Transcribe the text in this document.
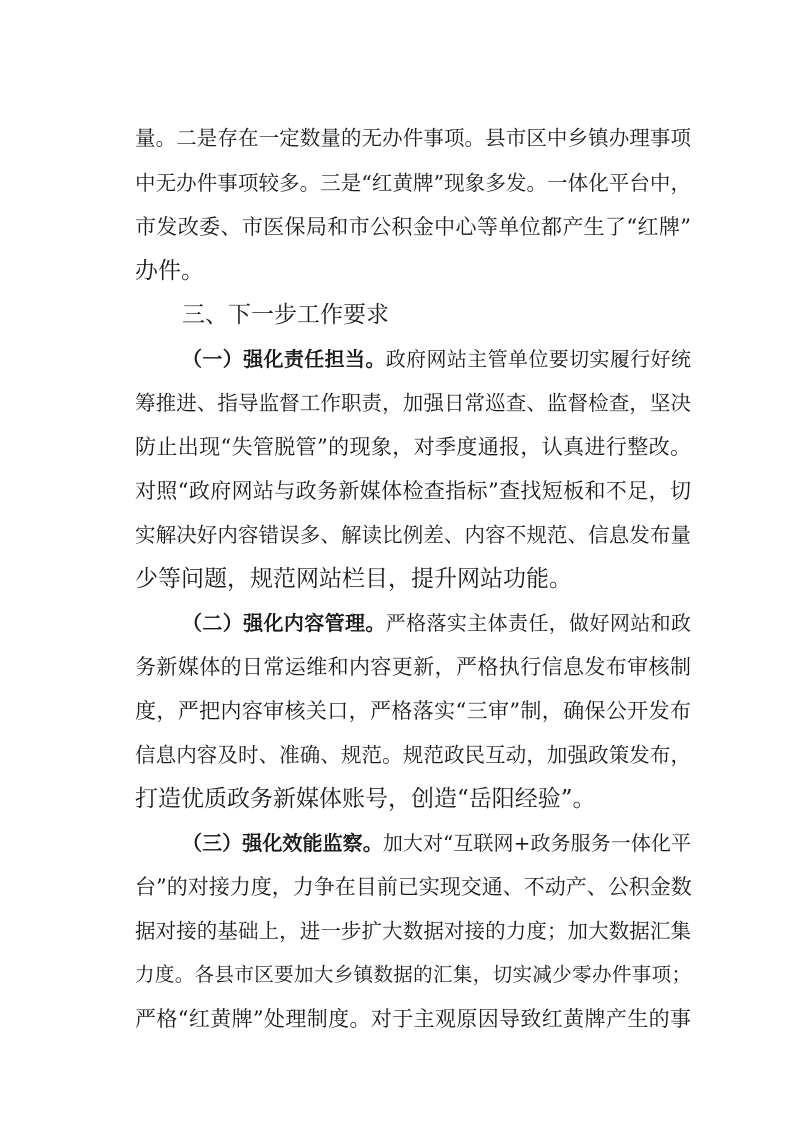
量。二是存在一定数量的无办件事项。县市区中乡镇办理事项
中无办件事项较多。三是“红黄牌”现象多发。一体化平台中，
市发改委、市医保局和市公积金中心等单位都产生了“红牌”
办件。
三、下一步工作要求
（一）强化责任担当。政府网站主管单位要切实履行好统
筹推进、指导监督工作职责，加强日常巡查、监督检查，坚决
防止出现“失管脱管”的现象，对季度通报，认真进行整改。
对照“政府网站与政务新媒体检查指标”查找短板和不足，切
实解决好内容错误多、解读比例差、内容不规范、信息发布量
少等问题，规范网站栏目，提升网站功能。
（二）强化内容管理。严格落实主体责任，做好网站和政
务新媒体的日常运维和内容更新，严格执行信息发布审核制
度，严把内容审核关口，严格落实“三审”制，确保公开发布
信息内容及时、准确、规范。规范政民互动，加强政策发布，
打造优质政务新媒体账号，创造“岳阳经验”。
（三）强化效能监察。加大对“互联网+政务服务一体化平
台”的对接力度，力争在目前已实现交通、不动产、公积金数
据对接的基础上，进一步扩大数据对接的力度；加大数据汇集
力度。各县市区要加大乡镇数据的汇集，切实减少零办件事项；
严格“红黄牌”处理制度。对于主观原因导致红黄牌产生的事
